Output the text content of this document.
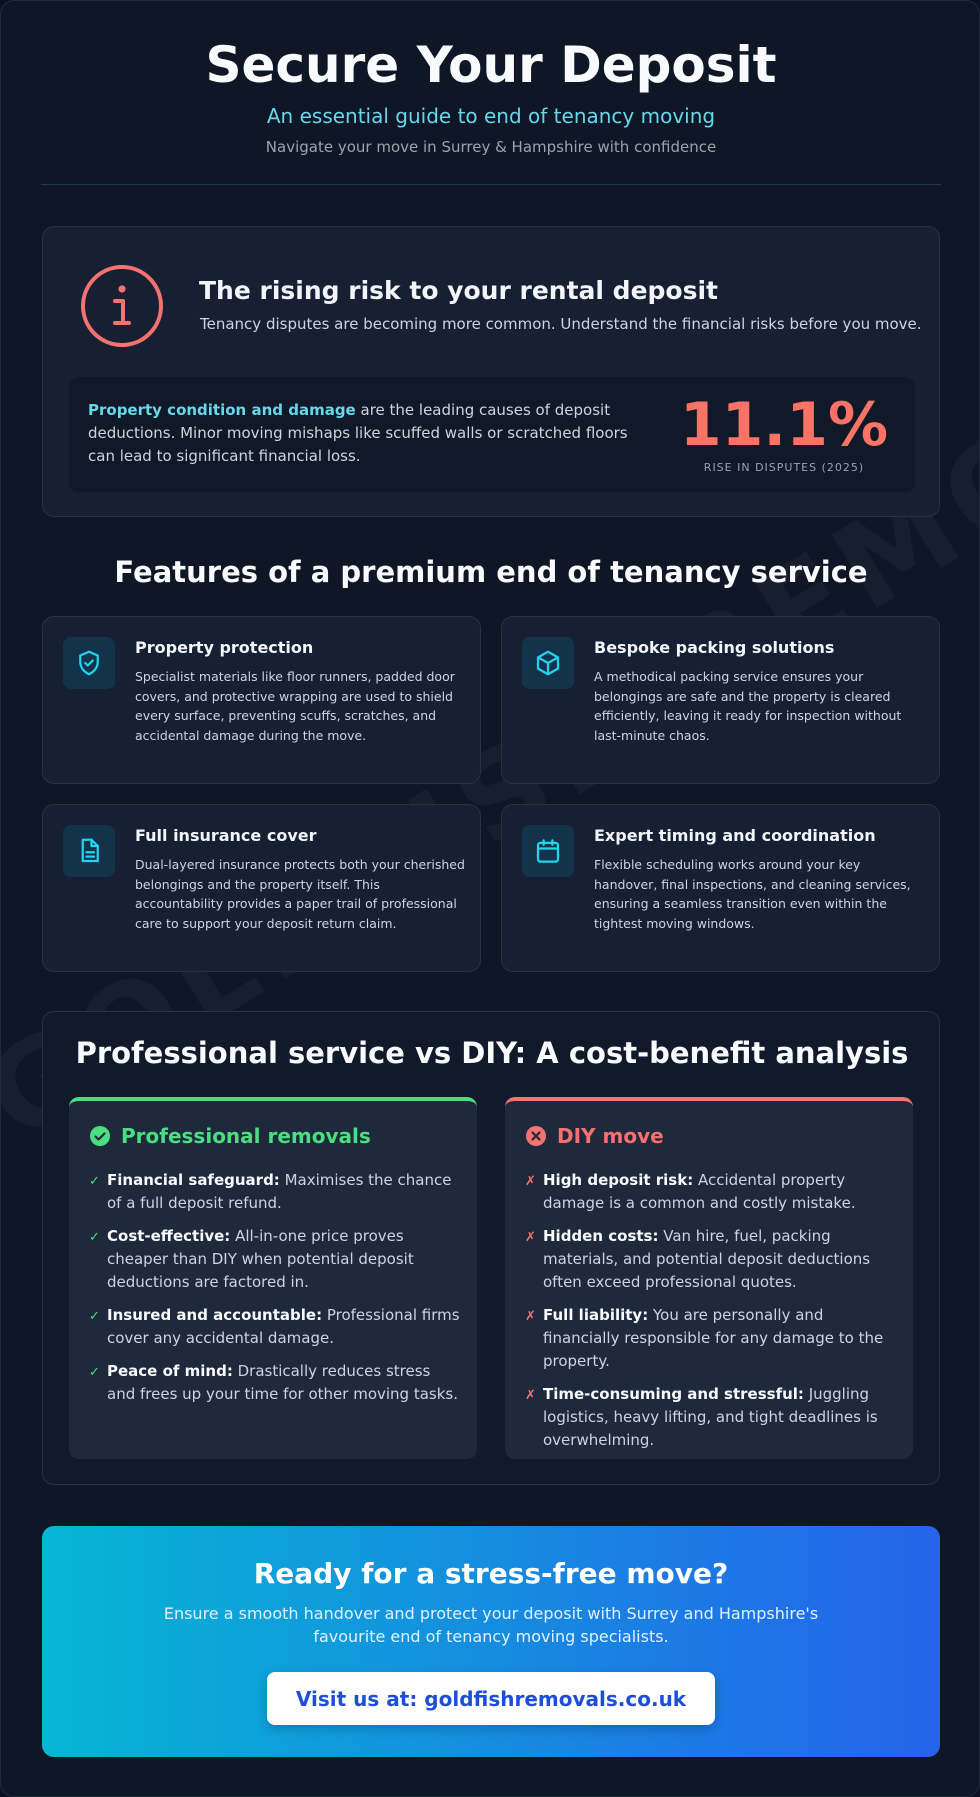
Secure Your Deposit
An essential guide to end of tenancy moving
Navigate your move in Surrey & Hampshire with confidence
The rising risk to your rental deposit
Tenancy disputes are becoming more common. Understand the financial risks before you move.
Property condition and damage are the leading causes of deposit deductions. Minor moving mishaps like scuffed walls or scratched floors can lead to significant financial loss.	11.1%
RISE IN DISPUTES (2025)
Features of a premium end of tenancy service
Property protection

Specialist materials like floor runners, padded door covers, and protective wrapping are used to shield every surface, preventing scuffs, scratches, and accidental damage during the move.

Bespoke packing solutions

A methodical packing service ensures your belongings are safe and the property is cleared efficiently, leaving it ready for inspection without last-minute chaos.

Full insurance cover

Dual-layered insurance protects both your cherished belongings and the property itself. This accountability provides a paper trail of professional care to support your deposit return claim.

Expert timing and coordination

Flexible scheduling works around your key handover, final inspections, and cleaning services, ensuring a seamless transition even within the tightest moving windows.

Professional service vs DIY: A cost-benefit analysis
Professional removals
✓ Financial safeguard: Maximises the chance of a full deposit refund.
✓ Cost-effective: All-in-one price proves cheaper than DIY when potential deposit deductions are factored in.
✓ Insured and accountable: Professional firms cover any accidental damage.
✓ Peace of mind: Drastically reduces stress and frees up your time for other moving tasks.
DIY move
✗ High deposit risk: Accidental property damage is a common and costly mistake.
✗ Hidden costs: Van hire, fuel, packing materials, and potential deposit deductions often exceed professional quotes.
✗ Full liability: You are personally and financially responsible for any damage to the property.
✗ Time-consuming and stressful: Juggling logistics, heavy lifting, and tight deadlines is overwhelming.
Ready for a stress-free move?

Ensure a smooth handover and protect your deposit with Surrey and Hampshire's favourite end of tenancy moving specialists.

Visit us at: goldfishremovals.co.uk
